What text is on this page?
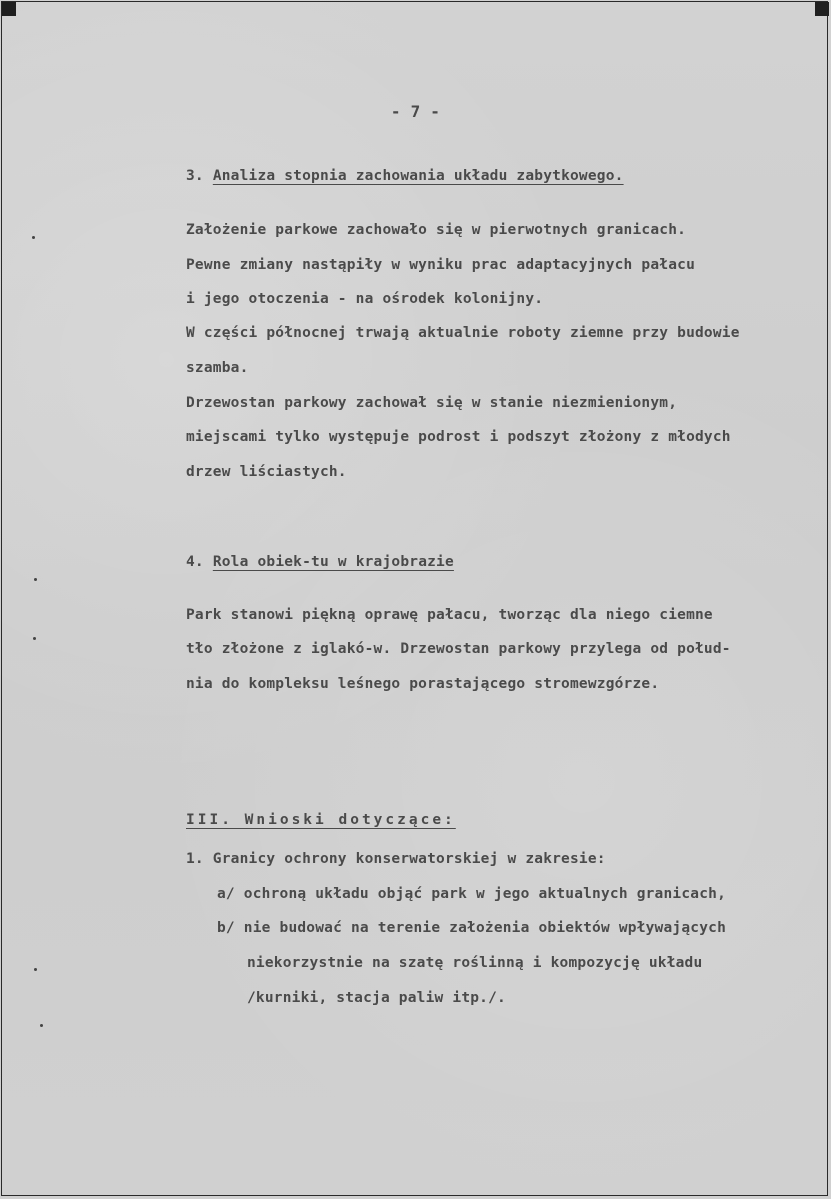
- 7 -
3. Analiza stopnia zachowania układu zabytkowego.
Założenie parkowe zachowało się w pierwotnych granicach.
Pewne zmiany nastąpiły w wyniku prac adaptacyjnych pałacu
i jego otoczenia - na ośrodek kolonijny.
W części północnej trwają aktualnie roboty ziemne przy budowie
szamba.
Drzewostan parkowy zachował się w stanie niezmienionym,
miejscami tylko występuje podrost i podszyt złożony z młodych
drzew liściastych.
4. Rola obiek-tu w krajobrazie
Park stanowi piękną oprawę pałacu, tworząc dla niego ciemne
tło złożone z iglakó-w. Drzewostan parkowy przylega od połud-
nia do kompleksu leśnego porastającego stromewzgórze.
III. Wnioski dotyczące:
1. Granicy ochrony konserwatorskiej w zakresie:
a/ ochroną układu objąć park w jego aktualnych granicach,
b/ nie budować na terenie założenia obiektów wpływających
niekorzystnie na szatę roślinną i kompozycję układu
/kurniki, stacja paliw itp./.
